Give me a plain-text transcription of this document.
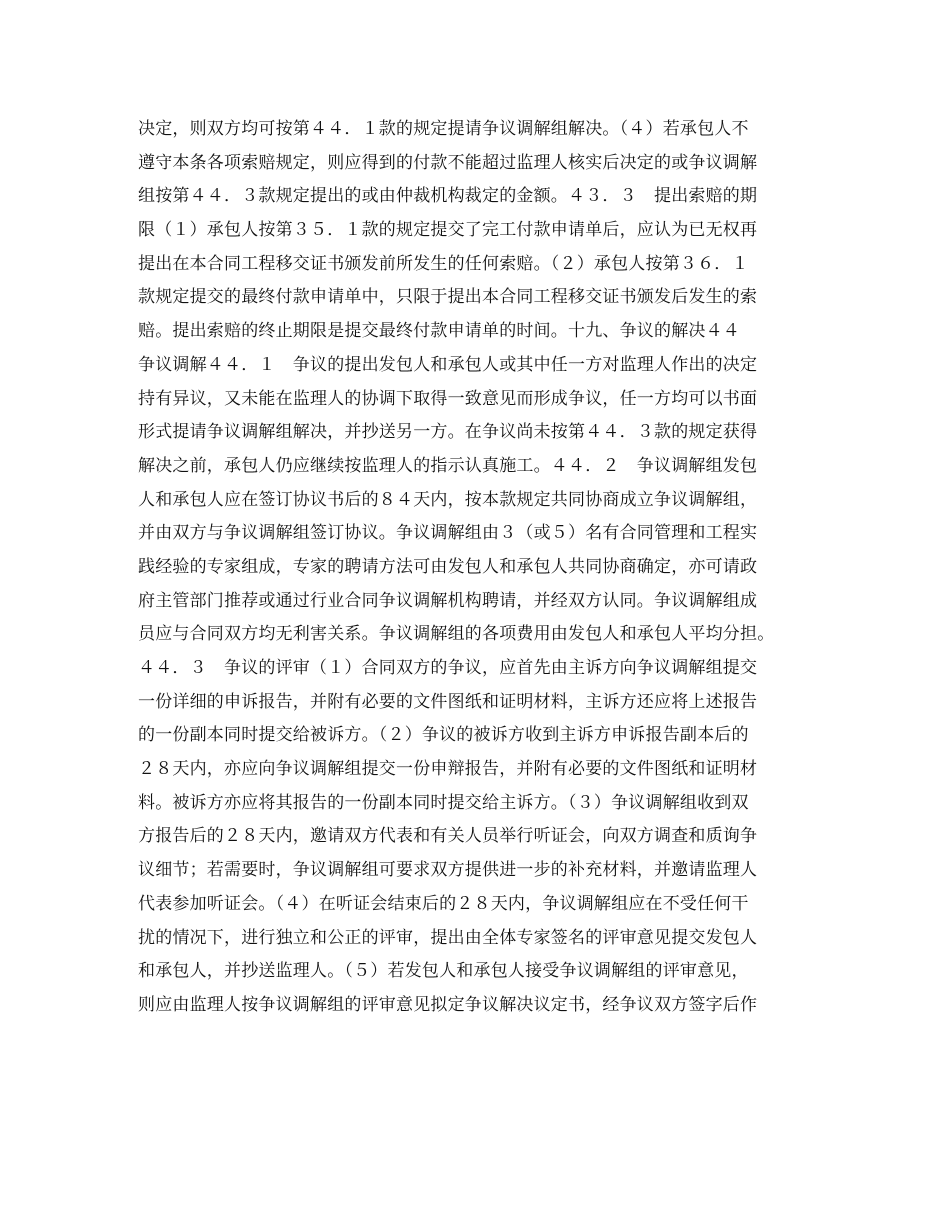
决定，则双方均可按第４４．１款的规定提请争议调解组解决。（４）若承包人不
遵守本条各项索赔规定，则应得到的付款不能超过监理人核实后决定的或争议调解
组按第４４．３款规定提出的或由仲裁机构裁定的金额。４３．３　提出索赔的期
限（１）承包人按第３５．１款的规定提交了完工付款申请单后，应认为已无权再
提出在本合同工程移交证书颁发前所发生的任何索赔。（２）承包人按第３６．１
款规定提交的最终付款申请单中，只限于提出本合同工程移交证书颁发后发生的索
赔。提出索赔的终止期限是提交最终付款申请单的时间。十九、争议的解决４４
争议调解４４．１　争议的提出发包人和承包人或其中任一方对监理人作出的决定
持有异议，又未能在监理人的协调下取得一致意见而形成争议，任一方均可以书面
形式提请争议调解组解决，并抄送另一方。在争议尚未按第４４．３款的规定获得
解决之前，承包人仍应继续按监理人的指示认真施工。４４．２　争议调解组发包
人和承包人应在签订协议书后的８４天内，按本款规定共同协商成立争议调解组，
并由双方与争议调解组签订协议。争议调解组由３（或５）名有合同管理和工程实
践经验的专家组成，专家的聘请方法可由发包人和承包人共同协商确定，亦可请政
府主管部门推荐或通过行业合同争议调解机构聘请，并经双方认同。争议调解组成
员应与合同双方均无利害关系。争议调解组的各项费用由发包人和承包人平均分担。
４４．３　争议的评审（１）合同双方的争议，应首先由主诉方向争议调解组提交
一份详细的申诉报告，并附有必要的文件图纸和证明材料，主诉方还应将上述报告
的一份副本同时提交给被诉方。（２）争议的被诉方收到主诉方申诉报告副本后的
２８天内，亦应向争议调解组提交一份申辩报告，并附有必要的文件图纸和证明材
料。被诉方亦应将其报告的一份副本同时提交给主诉方。（３）争议调解组收到双
方报告后的２８天内，邀请双方代表和有关人员举行听证会，向双方调查和质询争
议细节；若需要时，争议调解组可要求双方提供进一步的补充材料，并邀请监理人
代表参加听证会。（４）在听证会结束后的２８天内，争议调解组应在不受任何干
扰的情况下，进行独立和公正的评审，提出由全体专家签名的评审意见提交发包人
和承包人，并抄送监理人。（５）若发包人和承包人接受争议调解组的评审意见，
则应由监理人按争议调解组的评审意见拟定争议解决议定书，经争议双方签字后作
